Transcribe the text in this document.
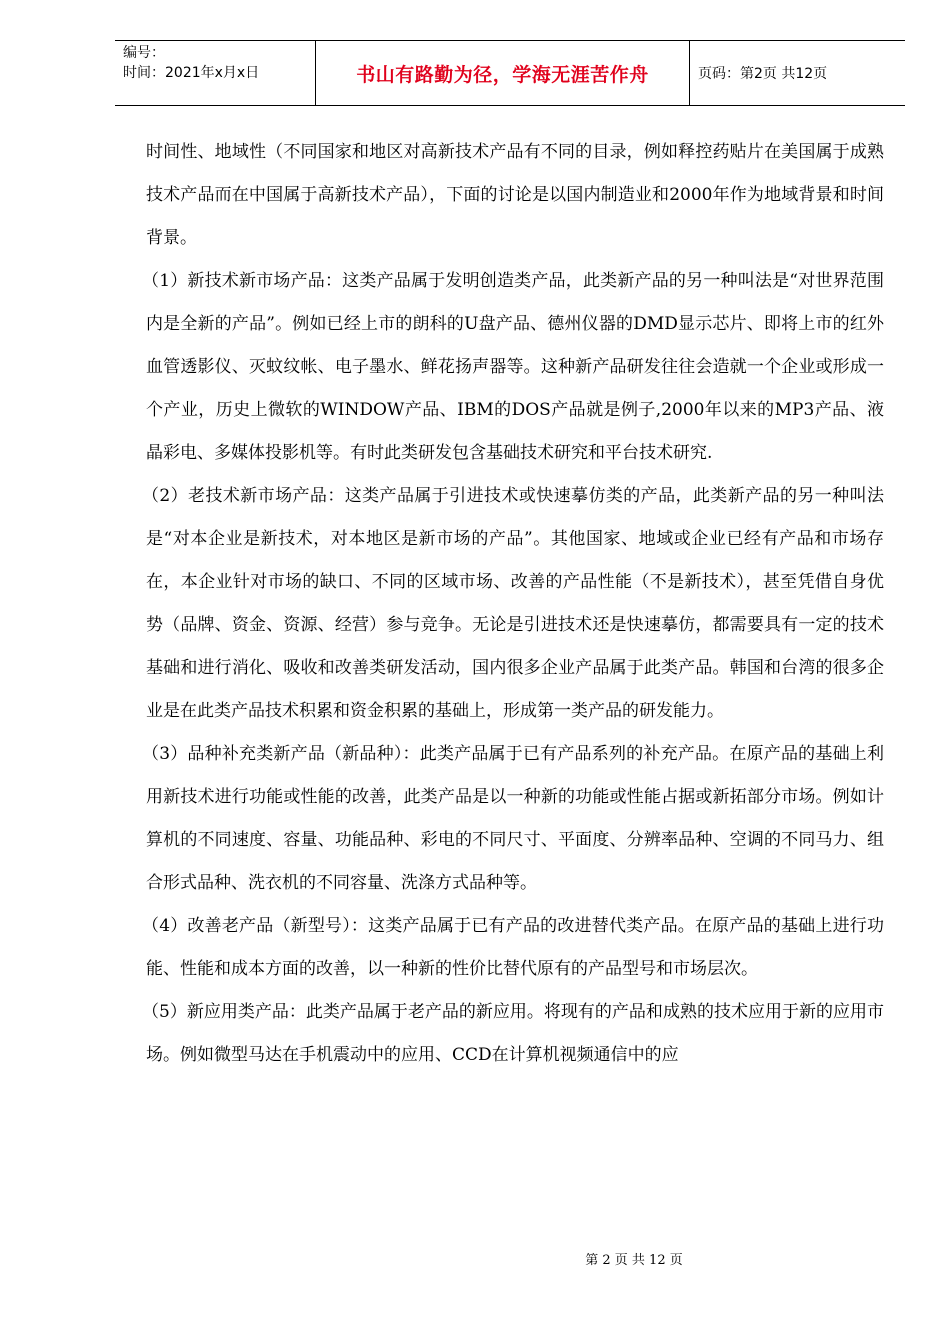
编号：
时间：2021年x月x日	书山有路勤为径，学海无涯苦作舟	页码：第2页 共12页

时间性、地域性（不同国家和地区对高新技术产品有不同的目录，例如释控药贴片在美国属于成熟技术产品而在中国属于高新技术产品），下面的讨论是以国内制造业和2000年作为地域背景和时间背景。

（1）新技术新市场产品：这类产品属于发明创造类产品，此类新产品的另一种叫法是“对世界范围内是全新的产品”。例如已经上市的朗科的U盘产品、德州仪器的DMD显示芯片、即将上市的红外血管透影仪、灭蚊纹帐、电子墨水、鲜花扬声器等。这种新产品研发往往会造就一个企业或形成一个产业，历史上微软的WINDOW产品、IBM的DOS产品就是例子,2000年以来的MP3产品、液晶彩电、多媒体投影机等。有时此类研发包含基础技术研究和平台技术研究.

（2）老技术新市场产品：这类产品属于引进技术或快速摹仿类的产品，此类新产品的另一种叫法是“对本企业是新技术，对本地区是新市场的产品”。其他国家、地域或企业已经有产品和市场存在，本企业针对市场的缺口、不同的区域市场、改善的产品性能（不是新技术），甚至凭借自身优势（品牌、资金、资源、经营）参与竞争。无论是引进技术还是快速摹仿，都需要具有一定的技术基础和进行消化、吸收和改善类研发活动，国内很多企业产品属于此类产品。韩国和台湾的很多企业是在此类产品技术积累和资金积累的基础上，形成第一类产品的研发能力。

（3）品种补充类新产品（新品种）：此类产品属于已有产品系列的补充产品。在原产品的基础上利用新技术进行功能或性能的改善，此类产品是以一种新的功能或性能占据或新拓部分市场。例如计算机的不同速度、容量、功能品种、彩电的不同尺寸、平面度、分辨率品种、空调的不同马力、组合形式品种、洗衣机的不同容量、洗涤方式品种等。

（4）改善老产品（新型号）：这类产品属于已有产品的改进替代类产品。在原产品的基础上进行功能、性能和成本方面的改善，以一种新的性价比替代原有的产品型号和市场层次。

（5）新应用类产品：此类产品属于老产品的新应用。将现有的产品和成熟的技术应用于新的应用市场。例如微型马达在手机震动中的应用、CCD在计算机视频通信中的应

第 2 页 共 12 页
